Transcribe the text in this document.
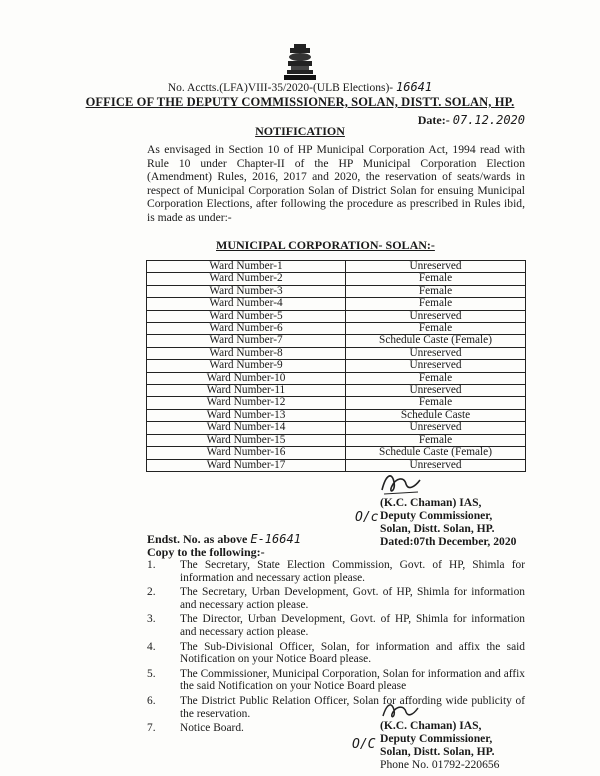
No. Acctts.(LFA)VIII-35/2020-(ULB Elections)- 16641
OFFICE OF THE DEPUTY COMMISSIONER, SOLAN, DISTT. SOLAN, HP.
Date:- 07.12.2020
NOTIFICATION
As envisaged in Section 10 of HP Municipal Corporation Act, 1994 read with Rule 10 under Chapter-II of the HP Municipal Corporation Election (Amendment) Rules, 2016, 2017 and 2020, the reservation of seats/wards in respect of Municipal Corporation Solan of District Solan for ensuing Municipal Corporation Elections, after following the procedure as prescribed in Rules ibid, is made as under:-
MUNICIPAL CORPORATION- SOLAN:-
Ward Number-1	Unreserved
Ward Number-2	Female
Ward Number-3	Female
Ward Number-4	Female
Ward Number-5	Unreserved
Ward Number-6	Female
Ward Number-7	Schedule Caste (Female)
Ward Number-8	Unreserved
Ward Number-9	Unreserved
Ward Number-10	Female
Ward Number-11	Unreserved
Ward Number-12	Female
Ward Number-13	Schedule Caste
Ward Number-14	Unreserved
Ward Number-15	Female
Ward Number-16	Schedule Caste (Female)
Ward Number-17	Unreserved
O/c
(K.C. Chaman) IAS,
Deputy Commissioner,
Solan, Distt. Solan, HP.
Dated:07th December, 2020
Endst. No. as above E-16641
Copy to the following:-
1. The Secretary, State Election Commission, Govt. of HP, Shimla for information and necessary action please.
2. The Secretary, Urban Development, Govt. of HP, Shimla for information and necessary action please.
3. The Director, Urban Development, Govt. of HP, Shimla for information and necessary action please.
4. The Sub-Divisional Officer, Solan, for information and affix the said Notification on your Notice Board please.
5. The Commissioner, Municipal Corporation, Solan for information and affix the said Notification on your Notice Board please
6. The District Public Relation Officer, Solan for affording wide publicity of the reservation.
7. Notice Board.
O/C
(K.C. Chaman) IAS,
Deputy Commissioner,
Solan, Distt. Solan, HP.
Phone No. 01792-220656
